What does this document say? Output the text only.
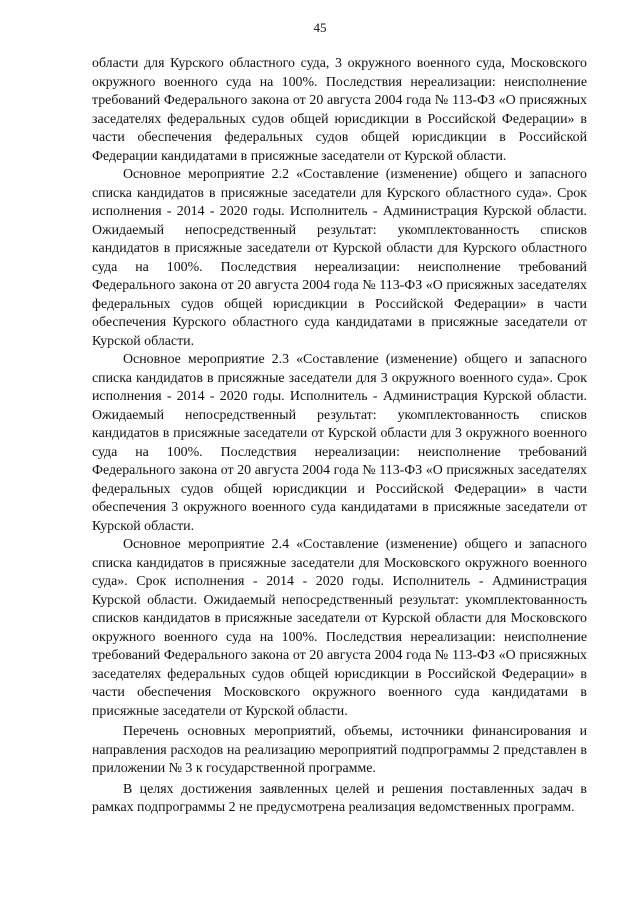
45

области для Курского областного суда, 3 окружного военного суда, Московского окружного военного суда на 100%. Последствия нереализации: неисполнение требований Федерального закона от 20 августа 2004 года № 113-ФЗ «О присяжных заседателях федеральных судов общей юрисдикции в Российской Федерации» в части обеспечения федеральных судов общей юрисдикции в Российской Федерации кандидатами в присяжные заседатели от Курской области.

Основное мероприятие 2.2 «Составление (изменение) общего и запасного списка кандидатов в присяжные заседатели для Курского областного суда». Срок исполнения - 2014 - 2020 годы. Исполнитель - Администрация Курской области. Ожидаемый непосредственный результат: укомплектованность списков кандидатов в присяжные заседатели от Курской области для Курского областного суда на 100%. Последствия нереализации: неисполнение требований Федерального закона от 20 августа 2004 года № 113-ФЗ «О присяжных заседателях федеральных судов общей юрисдикции в Российской Федерации» в части обеспечения Курского областного суда кандидатами в присяжные заседатели от Курской области.

Основное мероприятие 2.3 «Составление (изменение) общего и запасного списка кандидатов в присяжные заседатели для 3 окружного военного суда». Срок исполнения - 2014 - 2020 годы. Исполнитель - Администрация Курской области. Ожидаемый непосредственный результат: укомплектованность списков кандидатов в присяжные заседатели от Курской области для 3 окружного военного суда на 100%. Последствия нереализации: неисполнение требований Федерального закона от 20 августа 2004 года № 113-ФЗ «О присяжных заседателях федеральных судов общей юрисдикции и Российской Федерации» в части обеспечения 3 окружного военного суда кандидатами в присяжные заседатели от Курской области.

Основное мероприятие 2.4 «Составление (изменение) общего и запасного списка кандидатов в присяжные заседатели для Московского окружного военного суда». Срок исполнения - 2014 - 2020 годы. Исполнитель - Администрация Курской области. Ожидаемый непосредственный результат: укомплектованность списков кандидатов в присяжные заседатели от Курской области для Московского окружного военного суда на 100%. Последствия нереализации: неисполнение требований Федерального закона от 20 августа 2004 года № 113-ФЗ «О присяжных заседателях федеральных судов общей юрисдикции в Российской Федерации» в части обеспечения Московского окружного военного суда кандидатами в присяжные заседатели от Курской области.

Перечень основных мероприятий, объемы, источники финансирования и направления расходов на реализацию мероприятий подпрограммы 2 представлен в приложении № 3 к государственной программе.

В целях достижения заявленных целей и решения поставленных задач в рамках подпрограммы 2 не предусмотрена реализация ведомственных программ.
